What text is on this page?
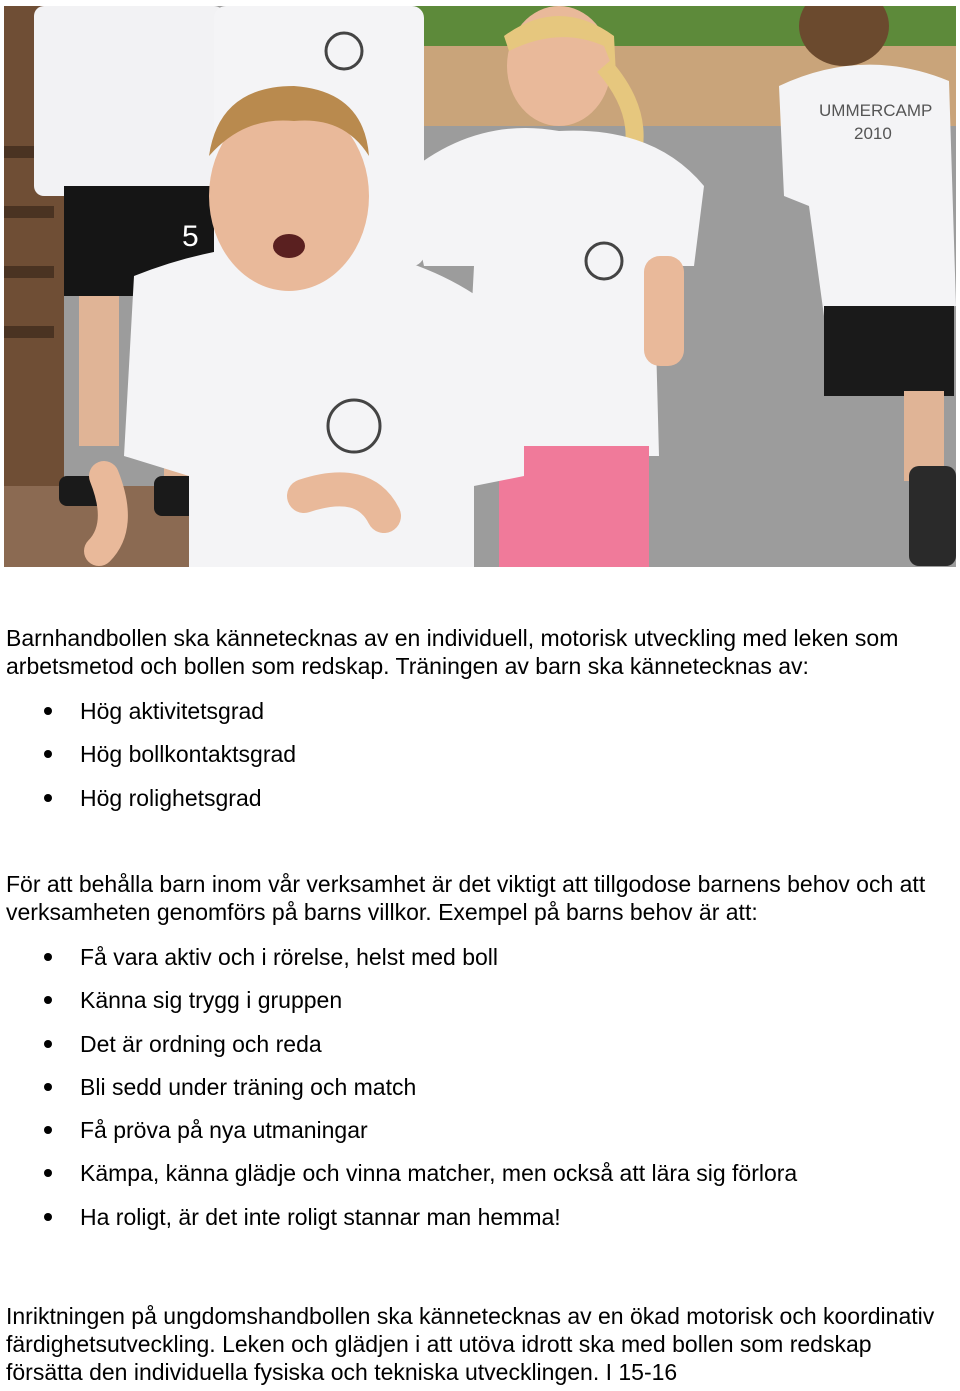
5
UMMERCAMP
2010

Barnhandbollen ska kännetecknas av en individuell, motorisk utveckling med leken som arbetsmetod och bollen som redskap. Träningen av barn ska kännetecknas av:

Hög aktivitetsgrad
Hög bollkontaktsgrad
Hög rolighetsgrad

För att behålla barn inom vår verksamhet är det viktigt att tillgodose barnens behov och att verksamheten genomförs på barns villkor. Exempel på barns behov är att:

Få vara aktiv och i rörelse, helst med boll
Känna sig trygg i gruppen
Det är ordning och reda
Bli sedd under träning och match
Få pröva på nya utmaningar
Kämpa, känna glädje och vinna matcher, men också att lära sig förlora
Ha roligt, är det inte roligt stannar man hemma!

Inriktningen på ungdomshandbollen ska kännetecknas av en ökad motorisk och koordinativ färdighetsutveckling. Leken och glädjen i att utöva idrott ska med bollen som redskap försätta den individuella fysiska och tekniska utvecklingen. I 15-16
